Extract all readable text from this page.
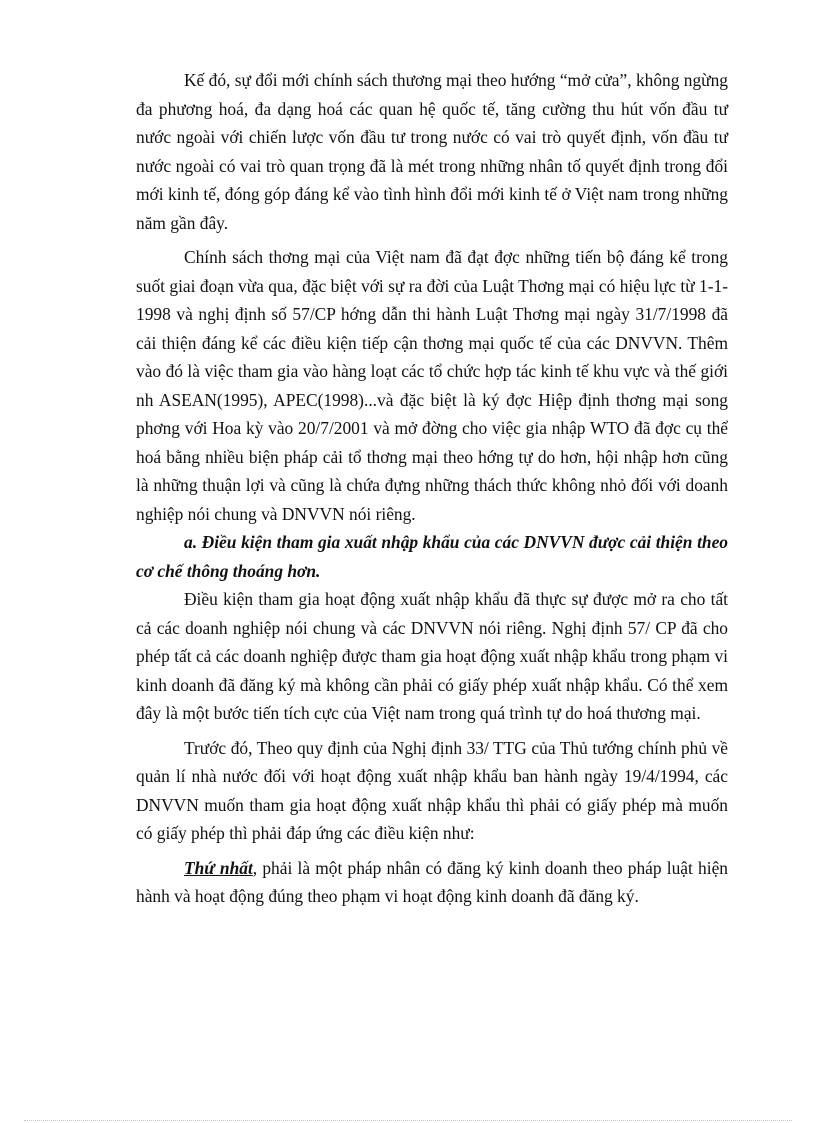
Kế đó, sự đổi mới chính sách thương mại theo hướng “mở cửa”, không ngừng đa phương hoá, đa dạng hoá các quan hệ quốc tế, tăng cường thu hút vốn đầu tư nước ngoài với chiến lược vốn đầu tư trong nước có vai trò quyết định, vốn đầu tư nước ngoài có vai trò quan trọng đã là mét trong những nhân tố quyết định trong đổi mới kinh tế, đóng góp đáng kể vào tình hình đổi mới kinh tế ở Việt nam trong những năm gần đây.

Chính sách thơng mại của Việt nam đã đạt đợc những tiến bộ đáng kể trong suốt giai đoạn vừa qua, đặc biệt với sự ra đời của Luật Thơng mại có hiệu lực từ 1-1-1998 và nghị định số 57/CP hớng dẫn thi hành Luật Thơng mại ngày 31/7/1998 đã cải thiện đáng kể các điều kiện tiếp cận thơng mại quốc tế của các DNVVN. Thêm vào đó là việc tham gia vào hàng loạt các tổ chức hợp tác kinh tế khu vực và thế giới nh ASEAN(1995), APEC(1998)...và đặc biệt là ký đợc Hiệp định thơng mại song phơng với Hoa kỳ vào 20/7/2001 và mở đờng cho việc gia nhập WTO đã đợc cụ thể hoá bằng nhiều biện pháp cải tổ thơng mại theo hớng tự do hơn, hội nhập hơn cũng là những thuận lợi và cũng là chứa đựng những thách thức không nhỏ đối với doanh nghiệp nói chung và DNVVN nói riêng.

a. Điều kiện tham gia xuất nhập khẩu của các DNVVN được cải thiện theo cơ chế thông thoáng hơn.

Điều kiện tham gia hoạt động xuất nhập khẩu đã thực sự được mở ra cho tất cả các doanh nghiệp nói chung và các DNVVN nói riêng. Nghị định 57/ CP đã cho phép tất cả các doanh nghiệp được tham gia hoạt động xuất nhập khẩu trong phạm vi kinh doanh đã đăng ký mà không cần phải có giấy phép xuất nhập khẩu. Có thể xem đây là một bước tiến tích cực của Việt nam trong quá trình tự do hoá thương mại.

Trước đó, Theo quy định của Nghị định 33/ TTG của Thủ tướng chính phủ về quản lí nhà nước đối với hoạt động xuất nhập khẩu ban hành ngày 19/4/1994, các DNVVN muốn tham gia hoạt động xuất nhập khẩu thì phải có giấy phép mà muốn có giấy phép thì phải đáp ứng các điều kiện như:

Thứ nhất, phải là một pháp nhân có đăng ký kinh doanh theo pháp luật hiện hành và hoạt động đúng theo phạm vi hoạt động kinh doanh đã đăng ký.
